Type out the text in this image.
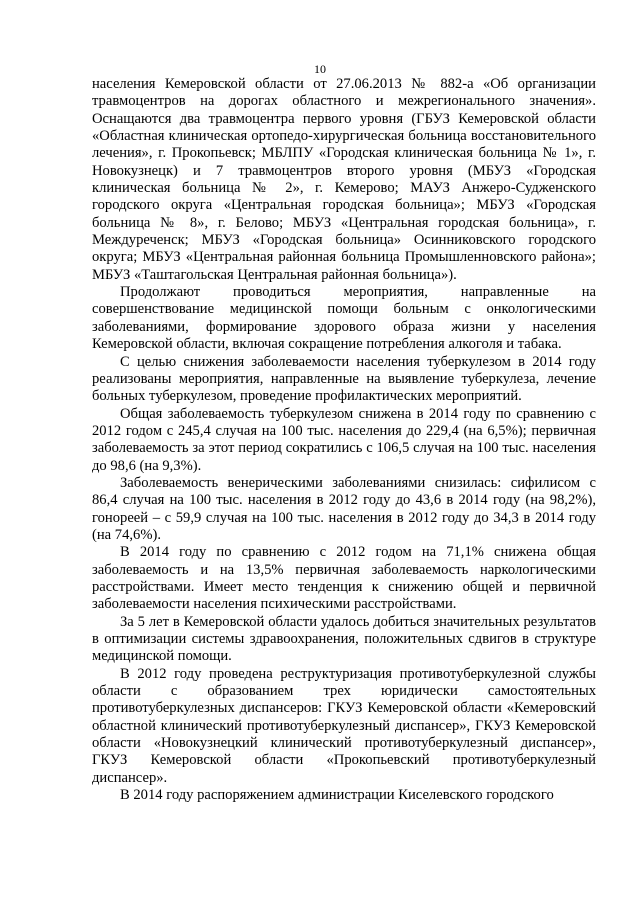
10

населения Кемеровской области от 27.06.2013 № 882-а «Об организации травмоцентров на дорогах областного и межрегионального значения». Оснащаются два травмоцентра первого уровня (ГБУЗ Кемеровской области «Областная клиническая ортопедо-хирургическая больница восстановительного лечения», г. Прокопьевск; МБЛПУ «Городская клиническая больница № 1», г. Новокузнецк) и 7 травмоцентров второго уровня (МБУЗ «Городская клиническая больница № 2», г. Кемерово; МАУЗ Анжеро-Судженского городского округа «Центральная городская больница»; МБУЗ «Городская больница № 8», г. Белово; МБУЗ «Центральная городская больница», г. Междуреченск; МБУЗ «Городская больница» Осинниковского городского округа; МБУЗ «Центральная районная больница Промышленновского района»; МБУЗ «Таштагольская Центральная районная больница»).

Продолжают проводиться мероприятия, направленные на совершенствование медицинской помощи больным с онкологическими заболеваниями, формирование здорового образа жизни у населения Кемеровской области, включая сокращение потребления алкоголя и табака.

С целью снижения заболеваемости населения туберкулезом в 2014 году реализованы мероприятия, направленные на выявление туберкулеза, лечение больных туберкулезом, проведение профилактических мероприятий.

Общая заболеваемость туберкулезом снижена в 2014 году по сравнению с 2012 годом с 245,4 случая на 100 тыс. населения до 229,4 (на 6,5%); первичная заболеваемость за этот период сократились с 106,5 случая на 100 тыс. населения до 98,6 (на 9,3%).

Заболеваемость венерическими заболеваниями снизилась: сифилисом с 86,4 случая на 100 тыс. населения в 2012 году до 43,6 в 2014 году (на 98,2%), гонореей – с 59,9 случая на 100 тыс. населения в 2012 году до 34,3 в 2014 году (на 74,6%).

В 2014 году по сравнению с 2012 годом на 71,1% снижена общая заболеваемость и на 13,5% первичная заболеваемость наркологическими расстройствами. Имеет место тенденция к снижению общей и первичной заболеваемости населения психическими расстройствами.

За 5 лет в Кемеровской области удалось добиться значительных результатов в оптимизации системы здравоохранения, положительных сдвигов в структуре медицинской помощи.

В 2012 году проведена реструктуризация противотуберкулезной службы области с образованием трех юридически самостоятельных противотуберкулезных диспансеров: ГКУЗ Кемеровской области «Кемеровский областной клинический противотуберкулезный диспансер», ГКУЗ Кемеровской области «Новокузнецкий клинический противотуберкулезный диспансер», ГКУЗ Кемеровской области «Прокопьевский противотуберкулезный диспансер».

В 2014 году распоряжением администрации Киселевского городского
